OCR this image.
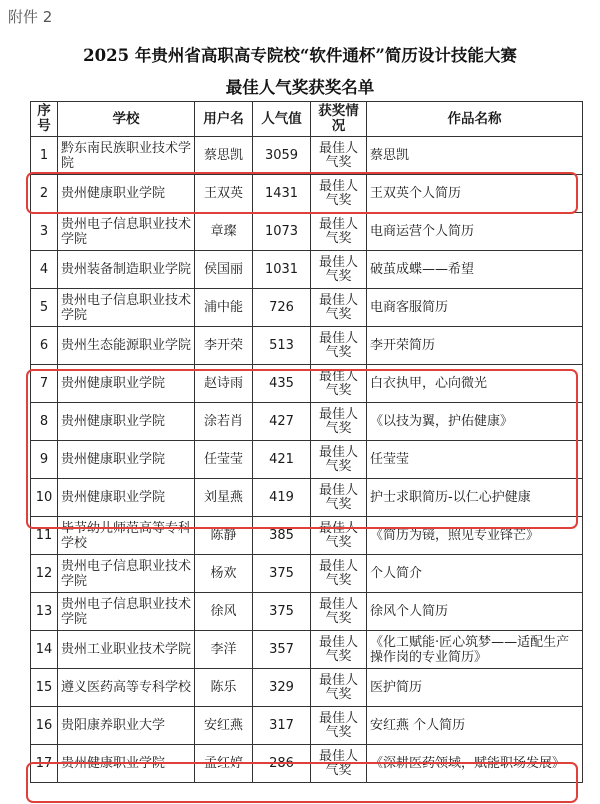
附件 2
2025 年贵州省高职高专院校“软件通杯”简历设计技能大赛
最佳人气奖获奖名单
序号	学校	用户名	人气值	获奖情况	作品名称
1	黔东南民族职业技术学院	蔡思凯	3059	最佳人气奖	蔡思凯
2	贵州健康职业学院	王双英	1431	最佳人气奖	王双英个人简历
3	贵州电子信息职业技术学院	章璨	1073	最佳人气奖	电商运营个人简历
4	贵州装备制造职业学院	侯国丽	1031	最佳人气奖	破茧成蝶——希望
5	贵州电子信息职业技术学院	浦中能	726	最佳人气奖	电商客服简历
6	贵州生态能源职业学院	李开荣	513	最佳人气奖	李开荣简历
7	贵州健康职业学院	赵诗雨	435	最佳人气奖	白衣执甲，心向微光
8	贵州健康职业学院	涂若肖	427	最佳人气奖	《以技为翼，护佑健康》
9	贵州健康职业学院	任莹莹	421	最佳人气奖	任莹莹
10	贵州健康职业学院	刘星燕	419	最佳人气奖	护士求职简历-以仁心护健康
11	毕节幼儿师范高等专科学校	陈静	385	最佳人气奖	《简历为镜，照见专业锋芒》
12	贵州电子信息职业技术学院	杨欢	375	最佳人气奖	个人简介
13	贵州电子信息职业技术学院	徐风	375	最佳人气奖	徐风个人简历
14	贵州工业职业技术学院	李洋	357	最佳人气奖	《化工赋能·匠心筑梦——适配生产操作岗的专业简历》
15	遵义医药高等专科学校	陈乐	329	最佳人气奖	医护简历
16	贵阳康养职业大学	安红燕	317	最佳人气奖	安红燕 个人简历
17	贵州健康职业学院	孟红婷	286	最佳人气奖	《深耕医药领域，赋能职场发展》
